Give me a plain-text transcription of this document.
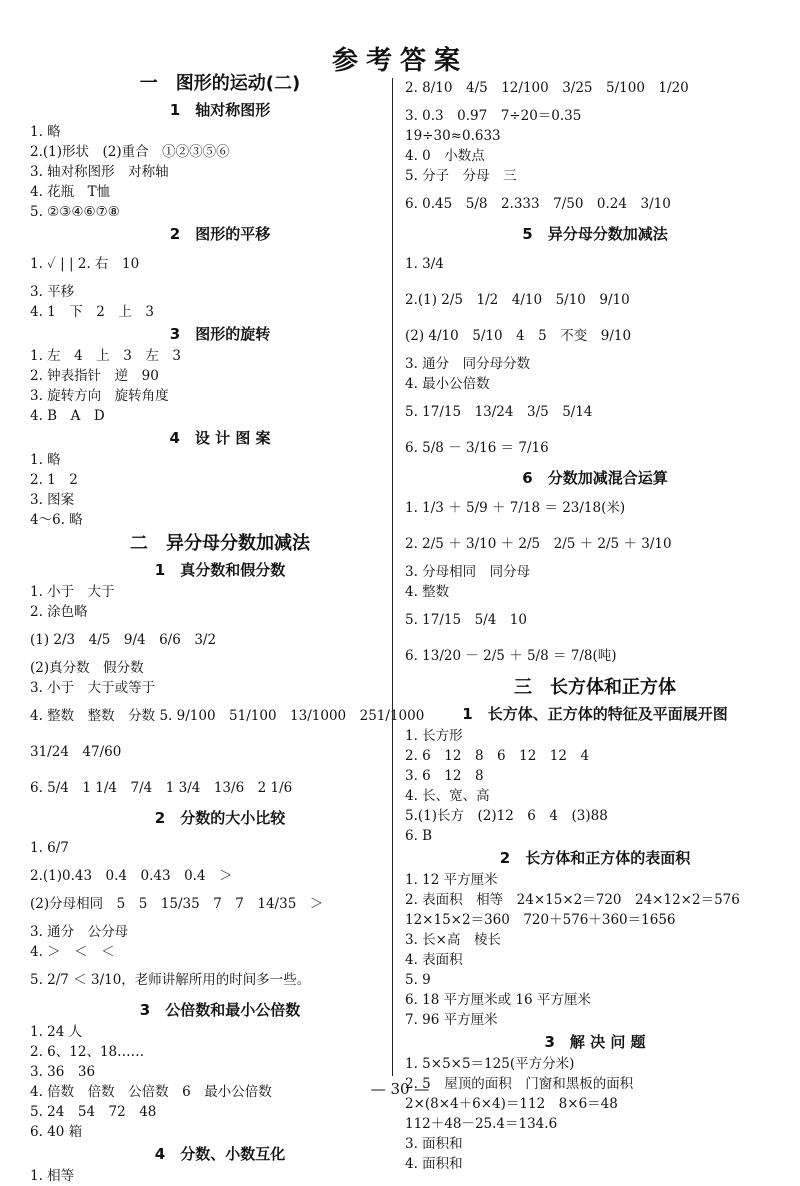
参考答案
一　图形的运动(二)
1　轴对称图形
1. 略
2.(1)形状　(2)重合　①②③⑤⑥
3. 轴对称图形　对称轴
4. 花瓶　T恤
5. ②③④⑥⑦⑧
2　图形的平移
1. ✓ | | 2. 右　10
3. 平移
4. 1　下　2　上　3
3　图形的旋转
1. 左　4　上　3　左　3
2. 钟表指针　逆　90
3. 旋转方向　旋转角度
4. B　A　D
4　设 计 图 案
1. 略
2. 1　2
3. 图案
4～6. 略
二　异分母分数加减法
1　真分数和假分数
1. 小于　大于
2. 涂色略
(1) 2/3　4/5　9/4　6/6　3/2
(2)真分数　假分数
3. 小于　大于或等于
4. 整数　整数　分数 5. 9/100　51/100　13/1000　251/1000
31/24　47/60
6. 5/4　1 1/4　7/4　1 3/4　13/6　2 1/6
2　分数的大小比较
1. 6/7
2.(1)0.43　0.4　0.43　0.4　＞
(2)分母相同　5　5　15/35　7　7　14/35　＞
3. 通分　公分母
4. ＞　＜　＜
5. 2/7 ＜ 3/10，老师讲解所用的时间多一些。
3　公倍数和最小公倍数
1. 24 人
2. 6、12、18……
3. 36　36
4. 倍数　倍数　公倍数　6　最小公倍数
5. 24　54　72　48
6. 40 箱
4　分数、小数互化
1. 相等
2. 8/10　4/5　12/100　3/25　5/100　1/20
3. 0.3　0.97　7÷20＝0.35
19÷30≈0.633
4. 0　小数点
5. 分子　分母　三
6. 0.45　5/8　2.333　7/50　0.24　3/10
5　异分母分数加减法
1. 3/4
2.(1) 2/5　1/2　4/10　5/10　9/10
(2) 4/10　5/10　4　5　不变　9/10
3. 通分　同分母分数
4. 最小公倍数
5. 17/15　13/24　3/5　5/14
6. 5/8 － 3/16 ＝ 7/16
6　分数加减混合运算
1. 1/3 ＋ 5/9 ＋ 7/18 ＝ 23/18(米)
2. 2/5 ＋ 3/10 ＋ 2/5　2/5 ＋ 2/5 ＋ 3/10
3. 分母相同　同分母
4. 整数
5. 17/15　5/4　10
6. 13/20 － 2/5 ＋ 5/8 ＝ 7/8(吨)
三　长方体和正方体
1　长方体、正方体的特征及平面展开图
1. 长方形
2. 6　12　8　6　12　12　4
3. 6　12　8
4. 长、宽、高
5.(1)长方　(2)12　6　4　(3)88
6. B
2　长方体和正方体的表面积
1. 12 平方厘米
2. 表面积　相等　24×15×2＝720　24×12×2＝576
12×15×2＝360　720＋576＋360＝1656
3. 长×高　棱长
4. 表面积
5. 9
6. 18 平方厘米或 16 平方厘米
7. 96 平方厘米
3　解 决 问 题
1. 5×5×5＝125(平方分米)
2. 5　屋顶的面积　门窗和黑板的面积
2×(8×4＋6×4)＝112　8×6＝48
112＋48－25.4＝134.6
3. 面积和
4. 面积和
— 30 —
